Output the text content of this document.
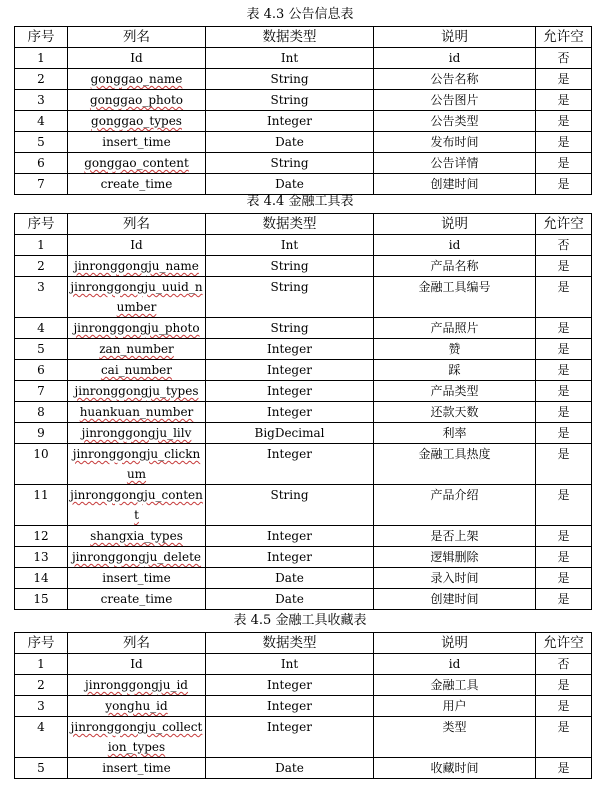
表 4.3 公告信息表
序号	列名	数据类型	说明	允许空
1	Id	Int	id	否
2	gonggao_name	String	公告名称	是
3	gonggao_photo	String	公告图片	是
4	gonggao_types	Integer	公告类型	是
5	insert_time	Date	发布时间	是
6	gonggao_content	String	公告详情	是
7	create_time	Date	创建时间	是
表 4.4 金融工具表
序号	列名	数据类型	说明	允许空
1	Id	Int	id	否
2	jinronggongju_name	String	产品名称	是
3	jinronggongju_uuid_number	String	金融工具编号	是
4	jinronggongju_photo	String	产品照片	是
5	zan_number	Integer	赞	是
6	cai_number	Integer	踩	是
7	jinronggongju_types	Integer	产品类型	是
8	huankuan_number	Integer	还款天数	是
9	jinronggongju_lilv	BigDecimal	利率	是
10	jinronggongju_clicknum	Integer	金融工具热度	是
11	jinronggongju_content	String	产品介绍	是
12	shangxia_types	Integer	是否上架	是
13	jinronggongju_delete	Integer	逻辑删除	是
14	insert_time	Date	录入时间	是
15	create_time	Date	创建时间	是
表 4.5 金融工具收藏表
序号	列名	数据类型	说明	允许空
1	Id	Int	id	否
2	jinronggongju_id	Integer	金融工具	是
3	yonghu_id	Integer	用户	是
4	jinronggongju_collection_types	Integer	类型	是
5	insert_time	Date	收藏时间	是
